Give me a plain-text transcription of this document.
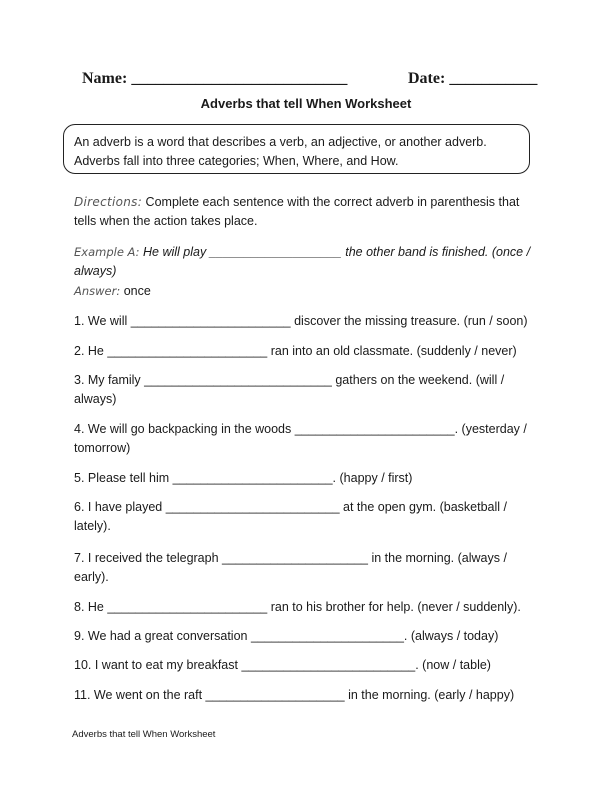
Name: ___________________________	Date: ___________
Adverbs that tell When Worksheet
An adverb is a word that describes a verb, an adjective, or another adverb.
Adverbs fall into three categories; When, Where, and How.
Directions: Complete each sentence with the correct adverb in parenthesis that tells when the action takes place.
Example A: He will play ___________________ the other band is finished. (once / always)
Answer: once
1. We will _______________________ discover the missing treasure. (run / soon)
2. He _______________________ ran into an old classmate. (suddenly / never)
3. My family ___________________________ gathers on the weekend. (will / always)
4. We will go backpacking in the woods _______________________. (yesterday / tomorrow)
5. Please tell him _______________________. (happy / first)
6. I have played _________________________ at the open gym. (basketball / lately).
7. I received the telegraph _____________________ in the morning. (always / early).
8. He _______________________ ran to his brother for help. (never / suddenly).
9. We had a great conversation ______________________. (always / today)
10. I want to eat my breakfast _________________________. (now / table)
11. We went on the raft ____________________ in the morning. (early / happy)
Adverbs that tell When Worksheet
